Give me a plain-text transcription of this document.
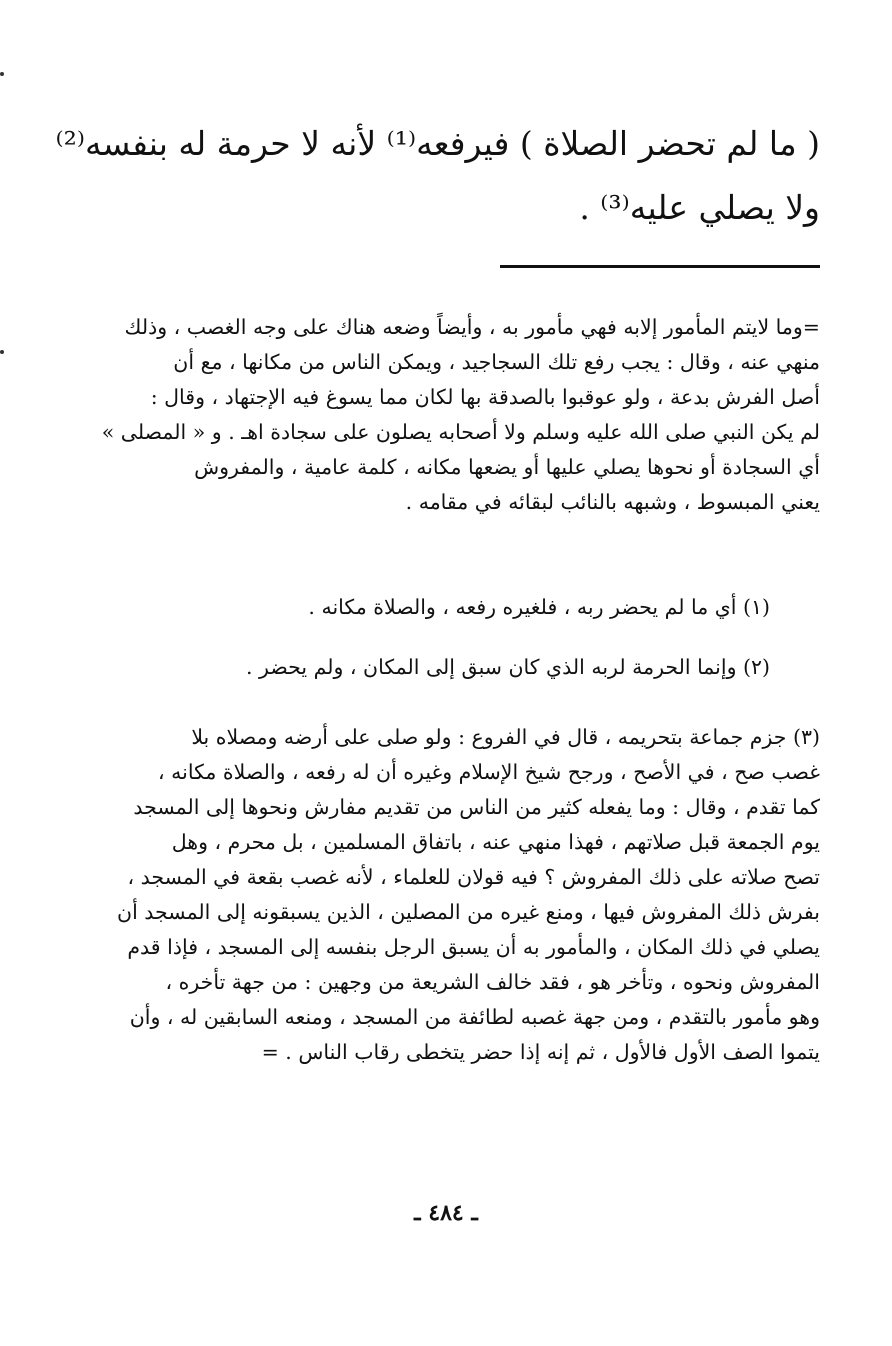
( ما لم تحضر الصلاة ) فيرفعه⁽¹⁾ لأنه لا حرمة له بنفسه⁽²⁾
ولا يصلي عليه⁽³⁾ .
=وما لايتم المأمور إلابه فهي مأمور به ، وأيضاً وضعه هناك على وجه الغصب ، وذلك
منهي عنه ، وقال : يجب رفع تلك السجاجيد ، ويمكن الناس من مكانها ، مع أن
أصل الفرش بدعة ، ولو عوقبوا بالصدقة بها لكان مما يسوغ فيه الإجتهاد ، وقال :
لم يكن النبي صلى الله عليه وسلم ولا أصحابه يصلون على سجادة اهـ . و « المصلى »
أي السجادة أو نحوها يصلي عليها أو يضعها مكانه ، كلمة عامية ، والمفروش
يعني المبسوط ، وشبهه بالنائب لبقائه في مقامه .
(١) أي ما لم يحضر ربه ، فلغيره رفعه ، والصلاة مكانه .
(٢) وإنما الحرمة لربه الذي كان سبق إلى المكان ، ولم يحضر .
(٣) جزم جماعة بتحريمه ، قال في الفروع : ولو صلى على أرضه ومصلاه بلا
غصب صح ، في الأصح ، ورجح شيخ الإسلام وغيره أن له رفعه ، والصلاة مكانه ،
كما تقدم ، وقال : وما يفعله كثير من الناس من تقديم مفارش ونحوها إلى المسجد
يوم الجمعة قبل صلاتهم ، فهذا منهي عنه ، باتفاق المسلمين ، بل محرم ، وهل
تصح صلاته على ذلك المفروش ؟ فيه قولان للعلماء ، لأنه غصب بقعة في المسجد ،
بفرش ذلك المفروش فيها ، ومنع غيره من المصلين ، الذين يسبقونه إلى المسجد أن
يصلي في ذلك المكان ، والمأمور به أن يسبق الرجل بنفسه إلى المسجد ، فإذا قدم
المفروش ونحوه ، وتأخر هو ، فقد خالف الشريعة من وجهين : من جهة تأخره ،
وهو مأمور بالتقدم ، ومن جهة غصبه لطائفة من المسجد ، ومنعه السابقين له ، وأن
يتموا الصف الأول فالأول ، ثم إنه إذا حضر يتخطى رقاب الناس . =
ـ ٤٨٤ ـ
